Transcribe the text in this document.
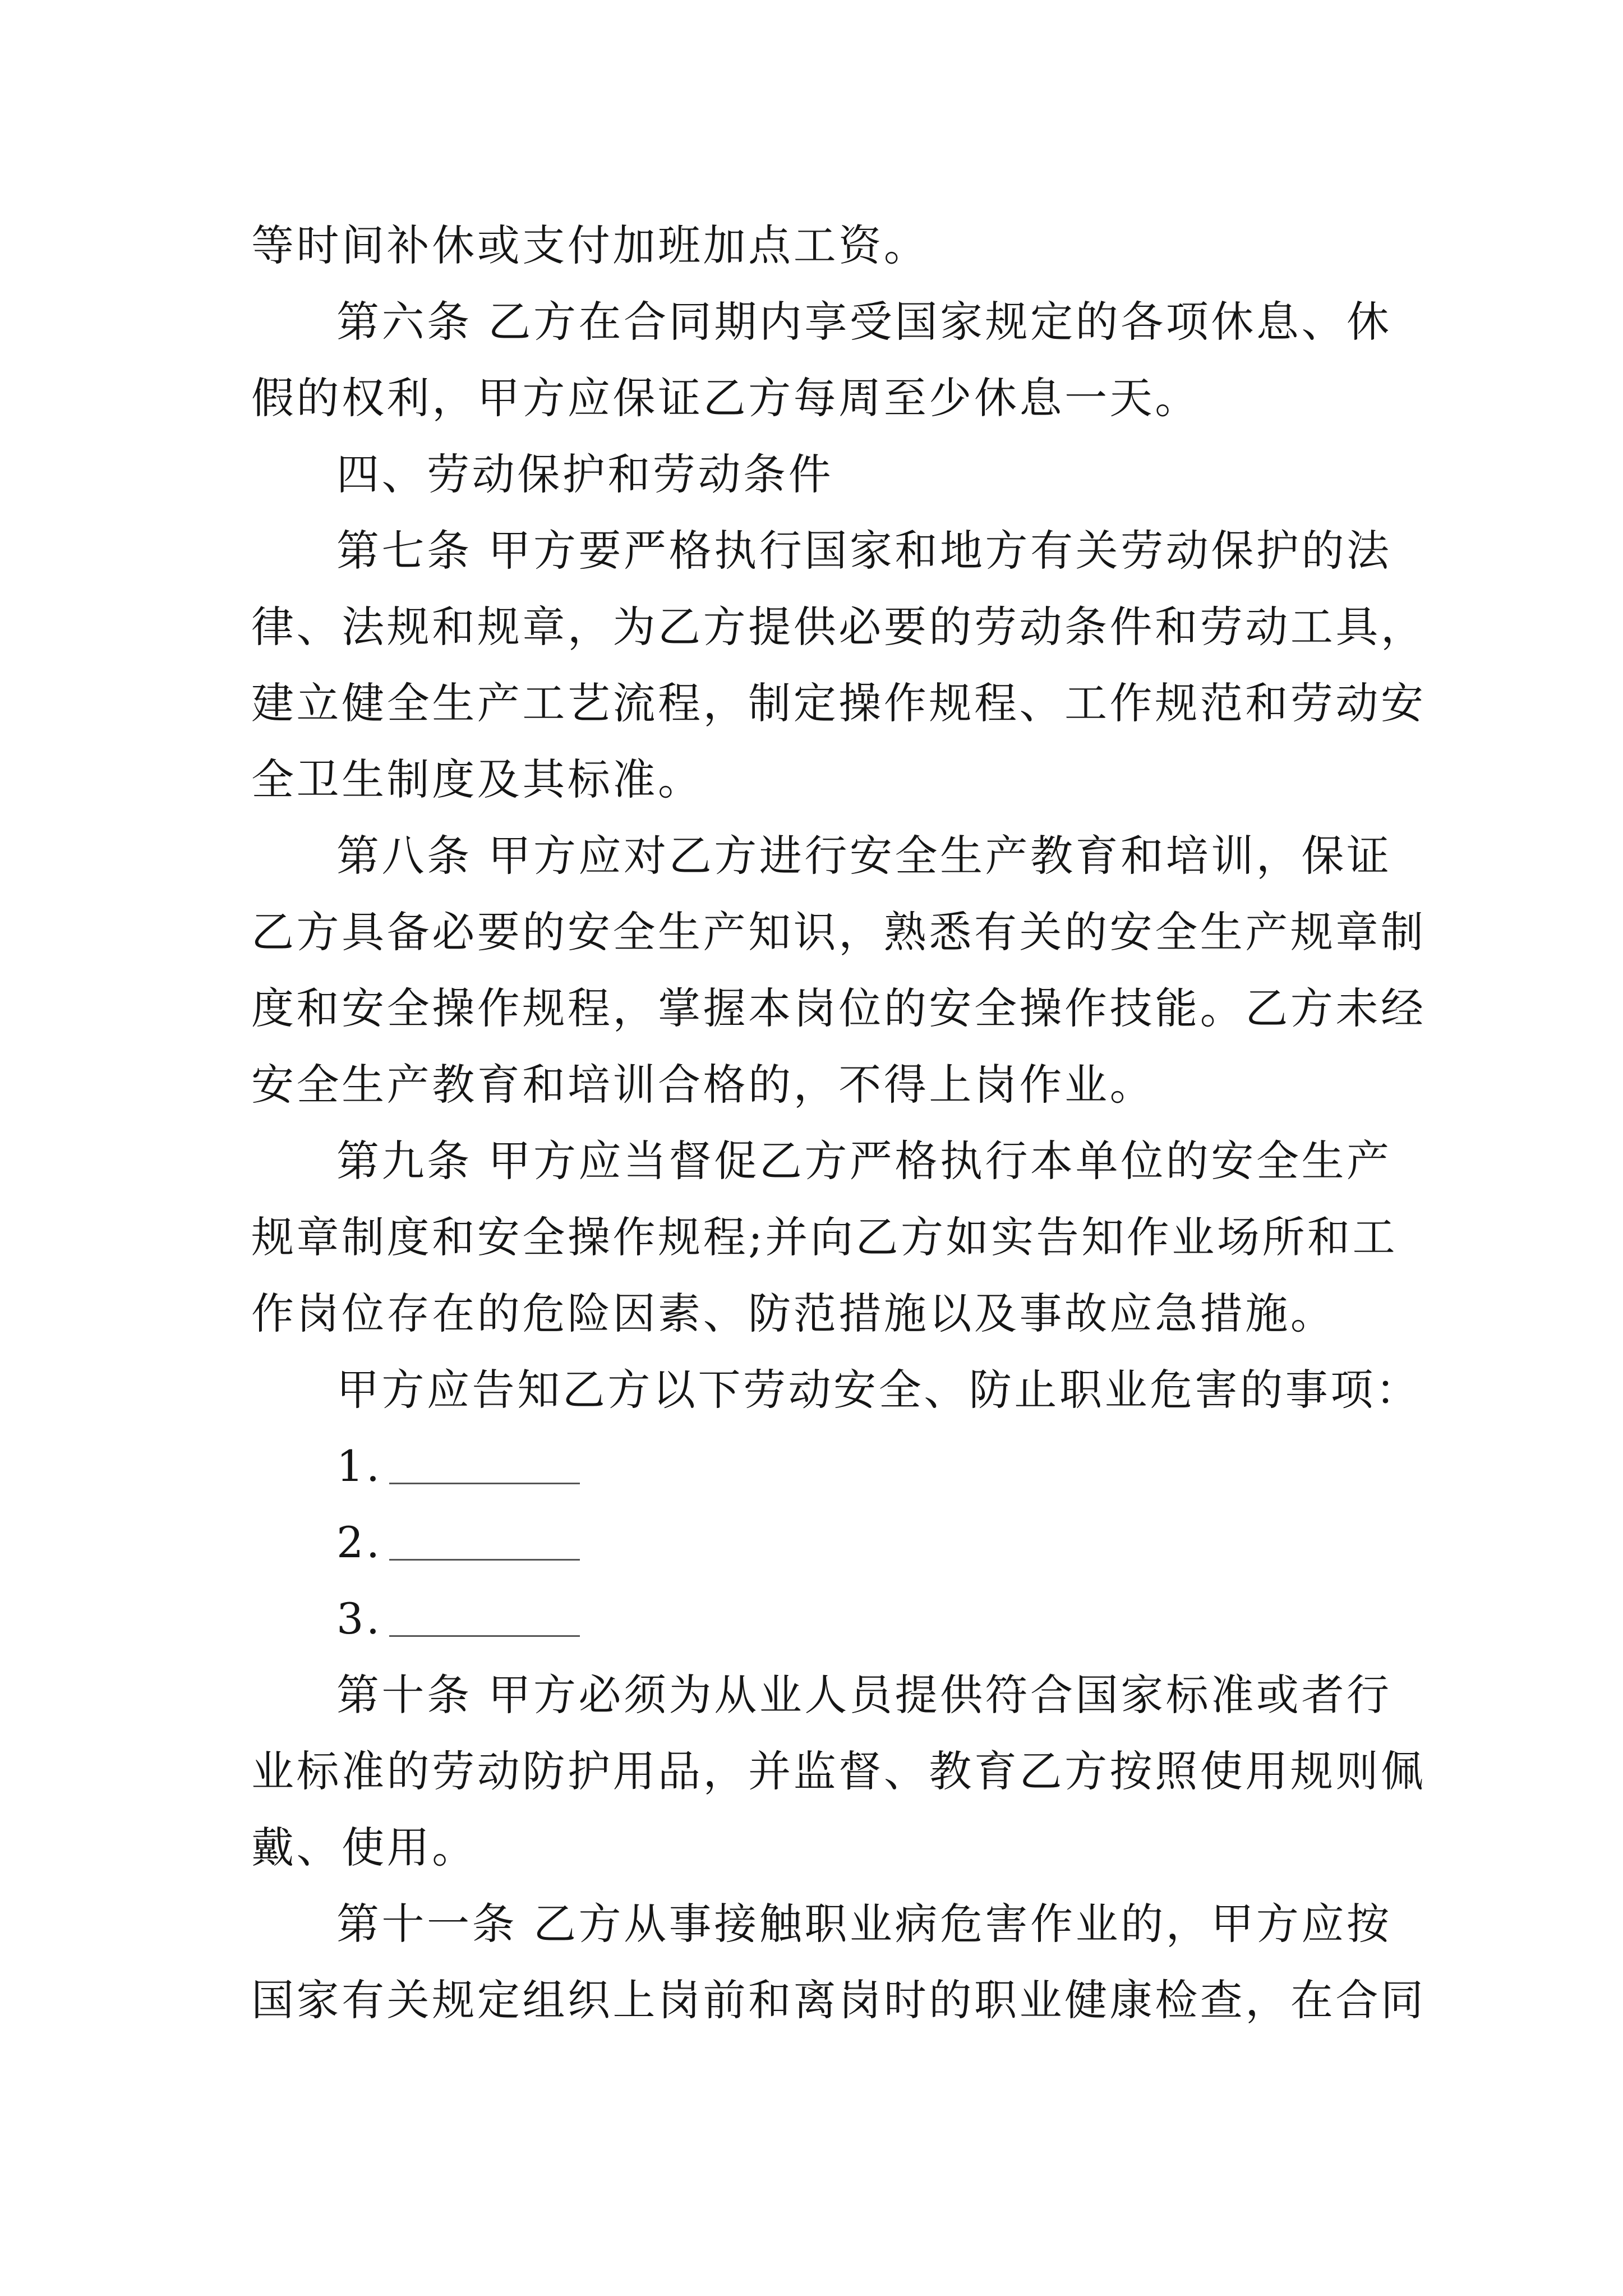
等时间补休或支付加班加点工资。
第六条 乙方在合同期内享受国家规定的各项休息、休
假的权利，甲方应保证乙方每周至少休息一天。
四、劳动保护和劳动条件
第七条 甲方要严格执行国家和地方有关劳动保护的法
律、法规和规章，为乙方提供必要的劳动条件和劳动工具，
建立健全生产工艺流程，制定操作规程、工作规范和劳动安
全卫生制度及其标准。
第八条 甲方应对乙方进行安全生产教育和培训，保证
乙方具备必要的安全生产知识，熟悉有关的安全生产规章制
度和安全操作规程，掌握本岗位的安全操作技能。乙方未经
安全生产教育和培训合格的，不得上岗作业。
第九条 甲方应当督促乙方严格执行本单位的安全生产
规章制度和安全操作规程;并向乙方如实告知作业场所和工
作岗位存在的危险因素、防范措施以及事故应急措施。
甲方应告知乙方以下劳动安全、防止职业危害的事项：
1.
2.
3.
第十条 甲方必须为从业人员提供符合国家标准或者行
业标准的劳动防护用品，并监督、教育乙方按照使用规则佩
戴、使用。
第十一条 乙方从事接触职业病危害作业的，甲方应按
国家有关规定组织上岗前和离岗时的职业健康检查，在合同
